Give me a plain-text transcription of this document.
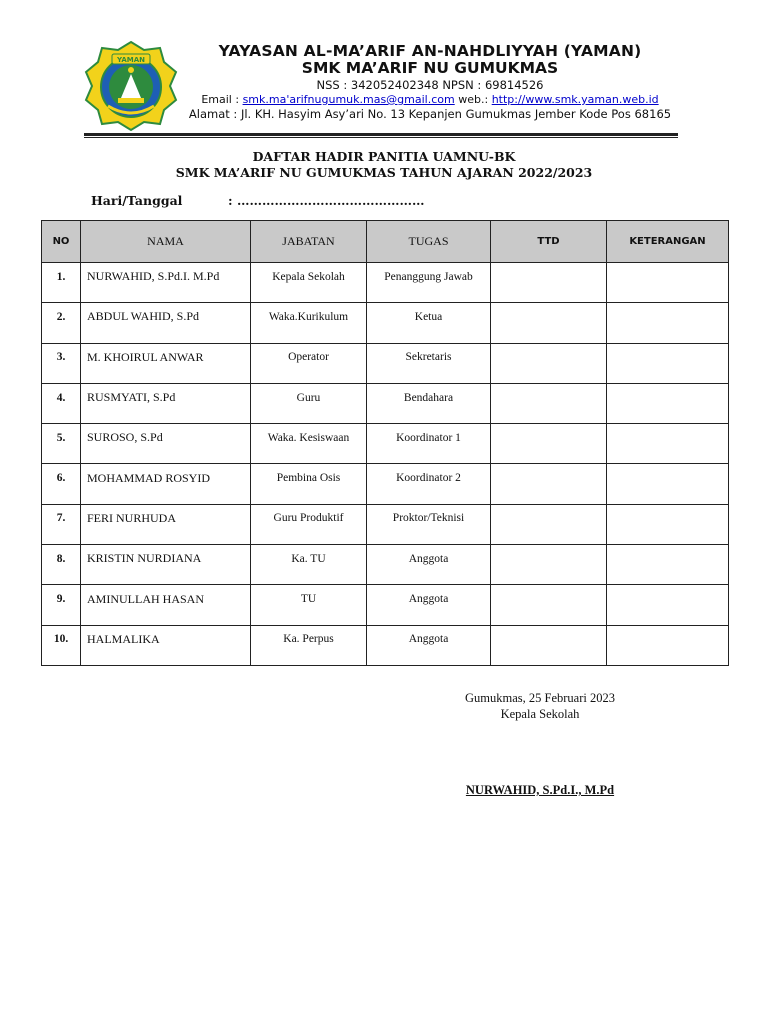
YAMAN	YAYASAN AL-MA’ARIF AN-NAHDLIYYAH (YAMAN)
SMK MA’ARIF NU GUMUKMAS
NSS : 342052402348 NPSN : 69814526
Email : smk.ma'arifnugumuk.mas@gmail.com web.: http://www.smk.yaman.web.id
Alamat : Jl. KH. Hasyim Asy’ari No. 13 Kepanjen Gumukmas Jember Kode Pos 68165
DAFTAR HADIR PANITIA UAMNU-BK
SMK MA’ARIF NU GUMUKMAS TAHUN AJARAN 2022/2023
Hari/Tanggal	: ………………………………………
NO	NAMA	JABATAN	TUGAS	TTD	KETERANGAN
1.	NURWAHID, S.Pd.I. M.Pd	Kepala Sekolah	Penanggung Jawab		
2.	ABDUL WAHID, S.Pd	Waka.Kurikulum	Ketua		
3.	M. KHOIRUL ANWAR	Operator	Sekretaris		
4.	RUSMYATI, S.Pd	Guru	Bendahara		
5.	SUROSO, S.Pd	Waka. Kesiswaan	Koordinator 1		
6.	MOHAMMAD ROSYID	Pembina Osis	Koordinator 2		
7.	FERI NURHUDA	Guru Produktif	Proktor/Teknisi		
8.	KRISTIN NURDIANA	Ka. TU	Anggota		
9.	AMINULLAH HASAN	TU	Anggota		
10.	HALMALIKA	Ka. Perpus	Anggota		
Gumukmas, 25 Februari 2023
Kepala Sekolah
NURWAHID, S.Pd.I., M.Pd
